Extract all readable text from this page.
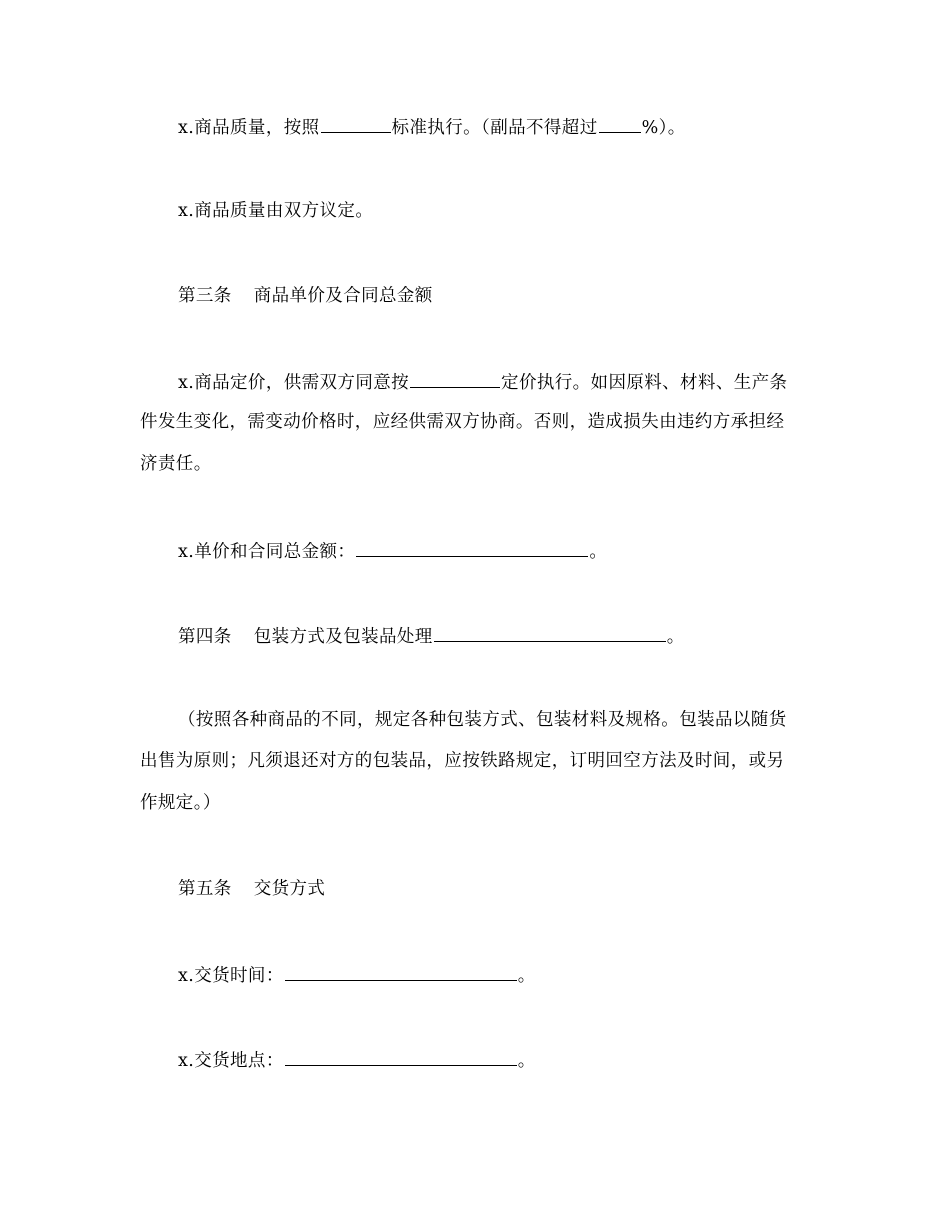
x.商品质量，按照	标准执行。（副品不得超过	%）。
x.商品质量由双方议定。
第三条 商品单价及合同总金额
x.商品定价，供需双方同意按	定价执行。如因原料、材料、生产条
件发生变化，需变动价格时，应经供需双方协商。否则，造成损失由违约方承担经
济责任。
x.单价和合同总金额：	。
第四条 包装方式及包装品处理	。
（按照各种商品的不同，规定各种包装方式、包装材料及规格。包装品以随货
出售为原则；凡须退还对方的包装品，应按铁路规定，订明回空方法及时间，或另
作规定。）
第五条 交货方式
x.交货时间：	。
x.交货地点：	。
